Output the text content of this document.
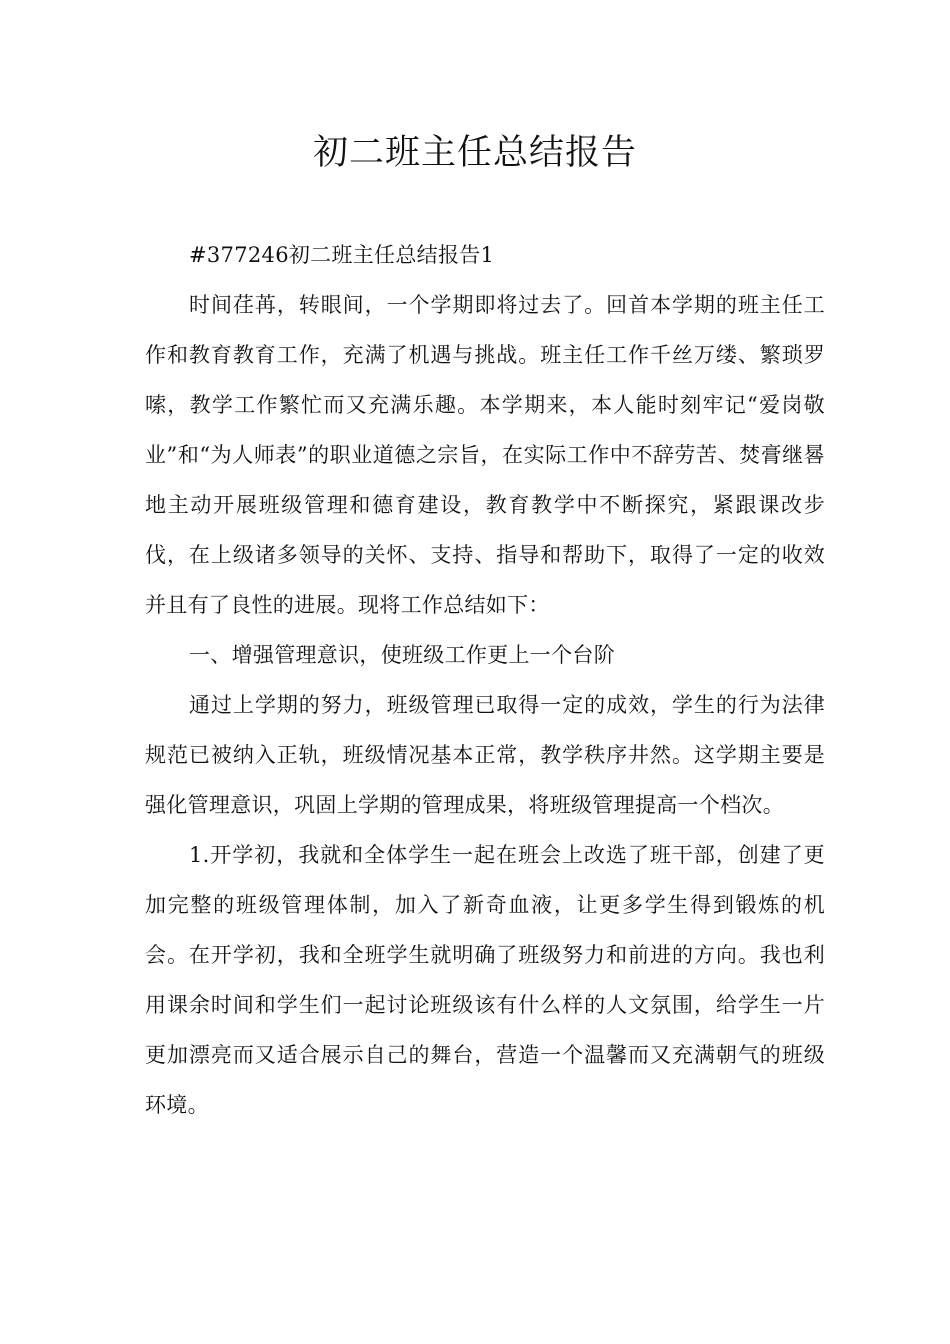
初二班主任总结报告

#377246初二班主任总结报告1

时间荏苒，转眼间，一个学期即将过去了。回首本学期的班主任工作和教育教育工作，充满了机遇与挑战。班主任工作千丝万缕、繁琐罗嗦，教学工作繁忙而又充满乐趣。本学期来，本人能时刻牢记“爱岗敬业”和“为人师表”的职业道德之宗旨，在实际工作中不辞劳苦、焚膏继晷地主动开展班级管理和德育建设，教育教学中不断探究，紧跟课改步伐，在上级诸多领导的关怀、支持、指导和帮助下，取得了一定的收效并且有了良性的进展。现将工作总结如下：

一、增强管理意识，使班级工作更上一个台阶

通过上学期的努力，班级管理已取得一定的成效，学生的行为法律规范已被纳入正轨，班级情况基本正常，教学秩序井然。这学期主要是强化管理意识，巩固上学期的管理成果，将班级管理提高一个档次。

1.开学初，我就和全体学生一起在班会上改选了班干部，创建了更加完整的班级管理体制，加入了新奇血液，让更多学生得到锻炼的机会。在开学初，我和全班学生就明确了班级努力和前进的方向。我也利用课余时间和学生们一起讨论班级该有什么样的人文氛围，给学生一片更加漂亮而又适合展示自己的舞台，营造一个温馨而又充满朝气的班级环境。
